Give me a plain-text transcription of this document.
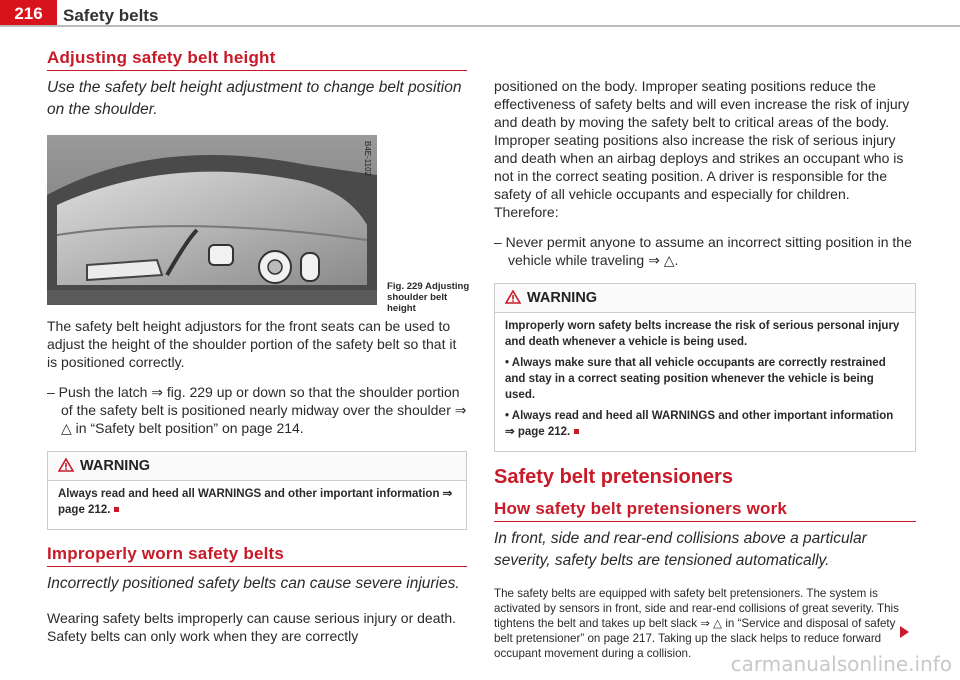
216	Safety belts
Adjusting safety belt height
Use the safety belt height adjustment to change belt position on the shoulder.
B4E-1102
Fig. 229 Adjusting shoulder belt height

The safety belt height adjustors for the front seats can be used to adjust the height of the shoulder portion of the safety belt so that it is positioned correctly.

– Push the latch ⇒ fig. 229 up or down so that the shoulder portion of the safety belt is positioned nearly midway over the shoulder ⇒ △ in “Safety belt position” on page 214.
WARNING
Always read and heed all WARNINGS and other important information ⇒ page 212.
Improperly worn safety belts
Incorrectly positioned safety belts can cause severe injuries.

Wearing safety belts improperly can cause serious injury or death. Safety belts can only work when they are correctly

positioned on the body. Improper seating positions reduce the effectiveness of safety belts and will even increase the risk of injury and death by moving the safety belt to critical areas of the body. Improper seating positions also increase the risk of serious injury and death when an airbag deploys and strikes an occupant who is not in the correct seating position. A driver is responsible for the safety of all vehicle occupants and especially for children. Therefore:

– Never permit anyone to assume an incorrect sitting position in the vehicle while traveling ⇒ △.
WARNING
Improperly worn safety belts increase the risk of serious personal injury and death whenever a vehicle is being used.
• Always make sure that all vehicle occupants are correctly restrained and stay in a correct seating position whenever the vehicle is being used.
• Always read and heed all WARNINGS and other important information ⇒ page 212.
Safety belt pretensioners
How safety belt pretensioners work
In front, side and rear-end collisions above a particular severity, safety belts are tensioned automatically.

The safety belts are equipped with safety belt pretensioners. The system is activated by sensors in front, side and rear-end collisions of great severity. This tightens the belt and takes up belt slack ⇒ △ in “Service and disposal of safety belt pretensioner” on page 217. Taking up the slack helps to reduce forward occupant movement during a collision.	carmanualsonline.info
